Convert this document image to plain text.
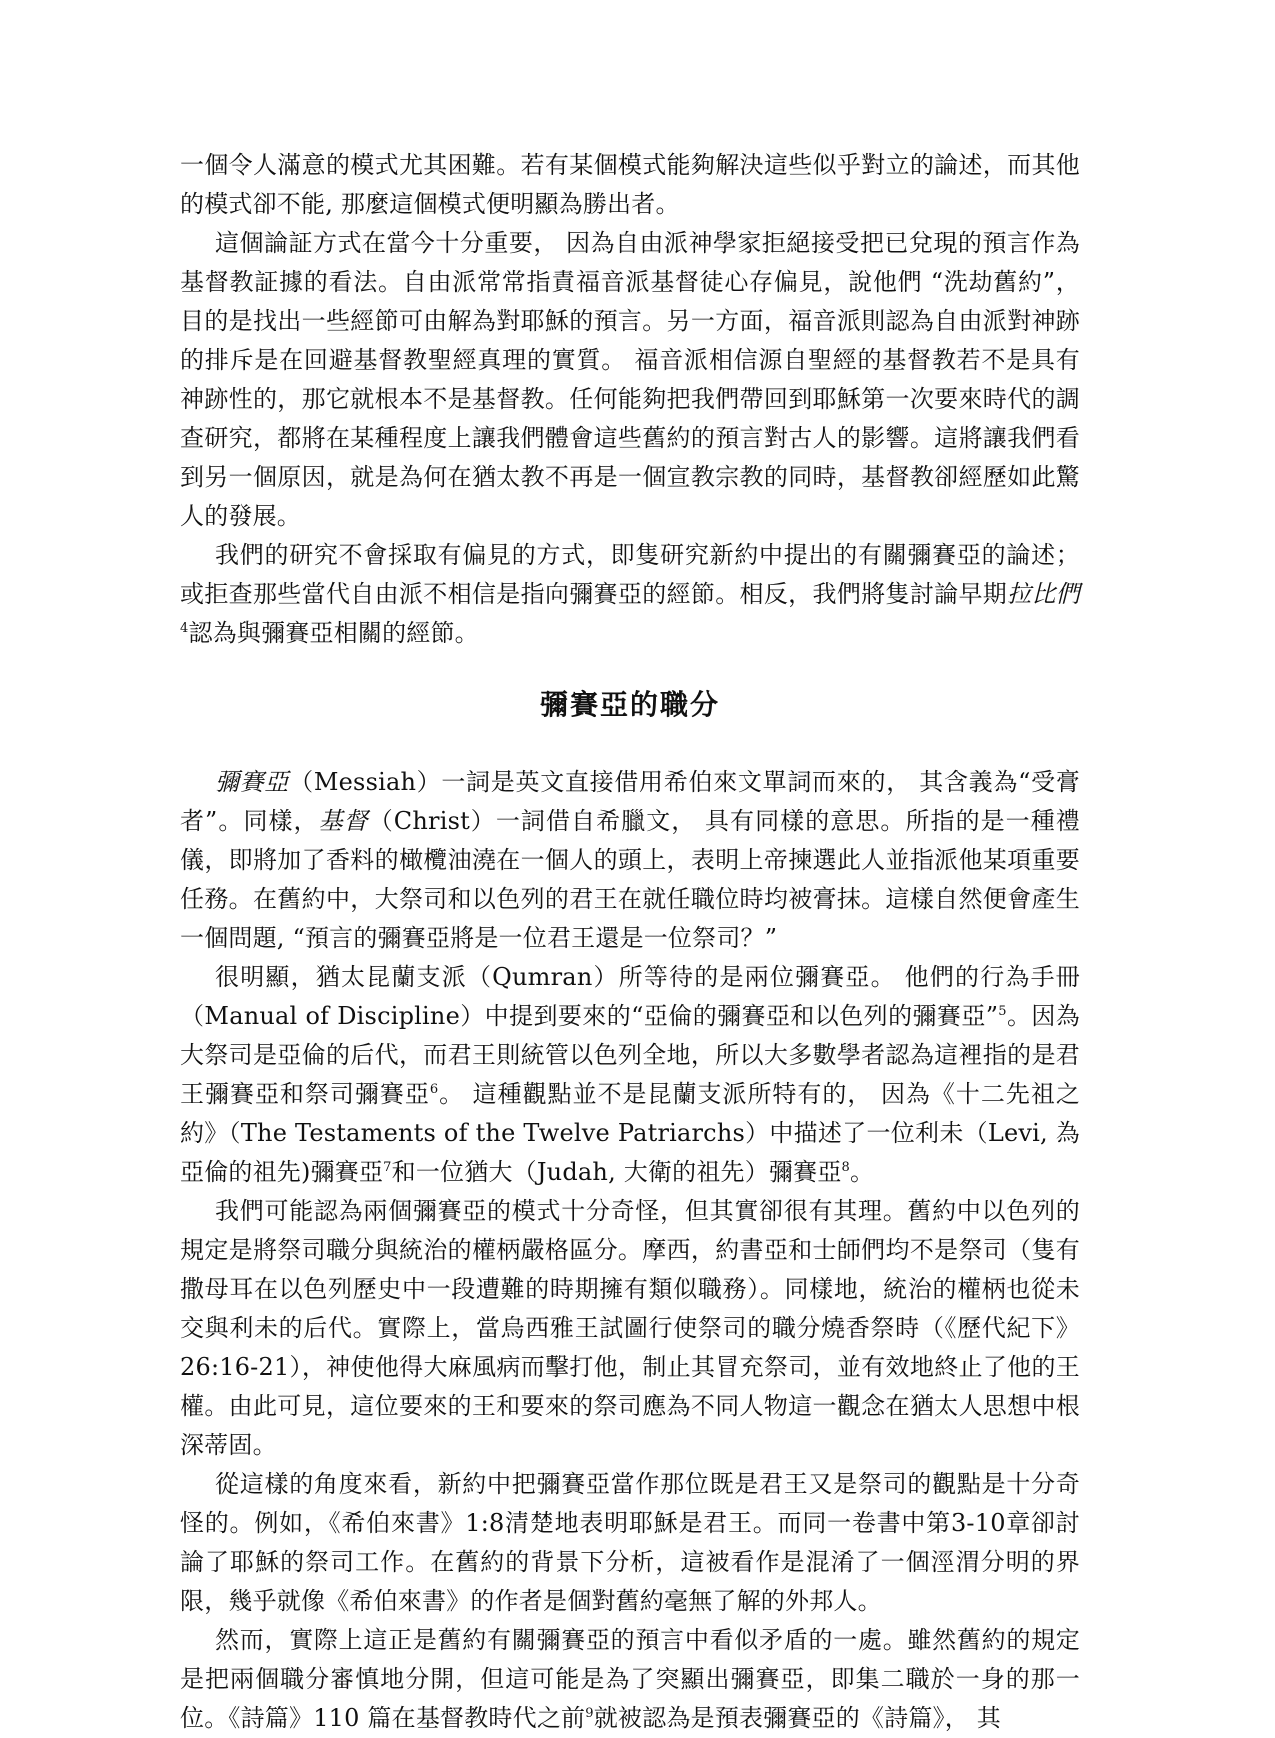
一個令人滿意的模式尤其困難。若有某個模式能夠解決這些似乎對立的論述，而其他的模式卻不能, 那麼這個模式便明顯為勝出者。

這個論証方式在當今十分重要， 因為自由派神學家拒絕接受把已兌現的預言作為基督教証據的看法。自由派常常指責福音派基督徒心存偏見，說他們 “洗劫舊約”，目的是找出一些經節可由解為對耶穌的預言。另一方面，福音派則認為自由派對神跡的排斥是在回避基督教聖經真理的實質。 福音派相信源自聖經的基督教若不是具有神跡性的，那它就根本不是基督教。任何能夠把我們帶回到耶穌第一次要來時代的調查研究，都將在某種程度上讓我們體會這些舊約的預言對古人的影響。這將讓我們看到另一個原因，就是為何在猶太教不再是一個宣教宗教的同時，基督教卻經歷如此驚人的發展。

我們的研究不會採取有偏見的方式，即隻研究新約中提出的有關彌賽亞的論述；或拒查那些當代自由派不相信是指向彌賽亞的經節。相反，我們將隻討論早期拉比們$^4$認為與彌賽亞相關的經節。

彌賽亞的職分

彌賽亞（Messiah）一詞是英文直接借用希伯來文單詞而來的， 其含義為“受膏者”。同樣，基督（Christ）一詞借自希臘文， 具有同樣的意思。所指的是一種禮儀，即將加了香料的橄欖油澆在一個人的頭上，表明上帝揀選此人並指派他某項重要任務。在舊約中，大祭司和以色列的君王在就任職位時均被膏抹。這樣自然便會產生一個問題, “預言的彌賽亞將是一位君王還是一位祭司？”

很明顯，猶太昆蘭支派（Qumran）所等待的是兩位彌賽亞。 他們的行為手冊（Manual of Discipline）中提到要來的“亞倫的彌賽亞和以色列的彌賽亞”$^5$。因為大祭司是亞倫的后代，而君王則統管以色列全地，所以大多數學者認為這裡指的是君王彌賽亞和祭司彌賽亞$^6$。 這種觀點並不是昆蘭支派所特有的， 因為《十二先祖之約》（The Testaments of the Twelve Patriarchs）中描述了一位利未（Levi, 為亞倫的祖先)彌賽亞$^7$和一位猶大（Judah, 大衛的祖先）彌賽亞$^8$。

我們可能認為兩個彌賽亞的模式十分奇怪，但其實卻很有其理。舊約中以色列的規定是將祭司職分與統治的權柄嚴格區分。摩西，約書亞和士師們均不是祭司（隻有撒母耳在以色列歷史中一段遭難的時期擁有類似職務）。同樣地，統治的權柄也從未交與利未的后代。實際上，當烏西雅王試圖行使祭司的職分燒香祭時（《歷代紀下》26:16-21），神使他得大麻風病而擊打他，制止其冒充祭司，並有效地終止了他的王權。由此可見，這位要來的王和要來的祭司應為不同人物這一觀念在猶太人思想中根深蒂固。

從這樣的角度來看，新約中把彌賽亞當作那位既是君王又是祭司的觀點是十分奇怪的。例如，《希伯來書》1:8清楚地表明耶穌是君王。而同一卷書中第3-10章卻討論了耶穌的祭司工作。在舊約的背景下分析，這被看作是混淆了一個涇渭分明的界限，幾乎就像《希伯來書》的作者是個對舊約毫無了解的外邦人。

然而，實際上這正是舊約有關彌賽亞的預言中看似矛盾的一處。雖然舊約的規定是把兩個職分審慎地分開，但這可能是為了突顯出彌賽亞，即集二職於一身的那一位。《詩篇》110 篇在基督教時代之前$^9$就被認為是預表彌賽亞的《詩篇》， 其
